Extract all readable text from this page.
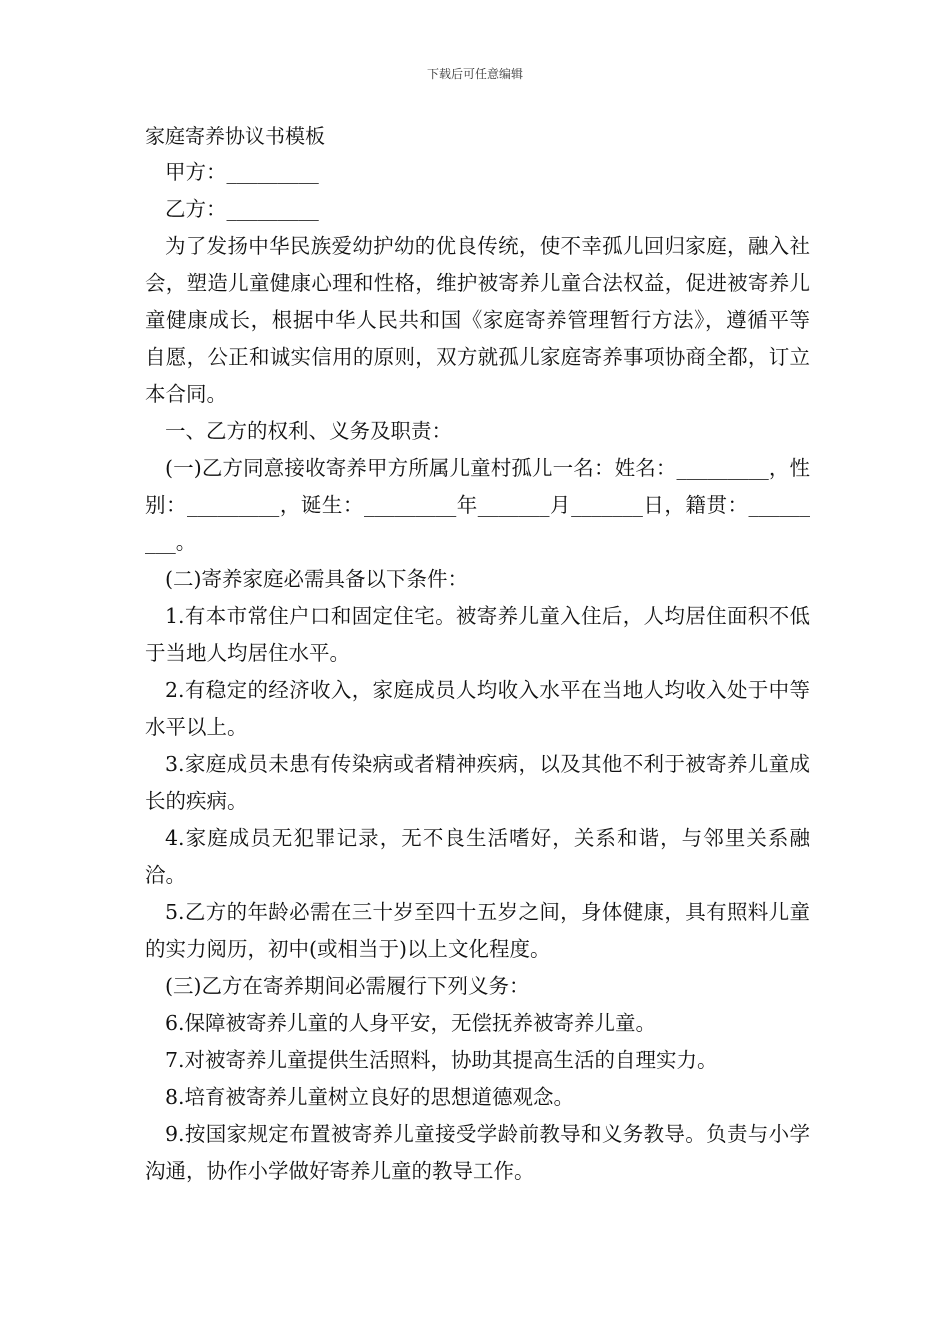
下载后可任意编辑

家庭寄养协议书模板

甲方：_________

乙方：_________

为了发扬中华民族爱幼护幼的优良传统，使不幸孤儿回归家庭，融入社会，塑造儿童健康心理和性格，维护被寄养儿童合法权益，促进被寄养儿童健康成长，根据中华人民共和国《家庭寄养管理暂行方法》，遵循平等自愿，公正和诚实信用的原则，双方就孤儿家庭寄养事项协商全都，订立本合同。

一、乙方的权利、义务及职责：

(一)乙方同意接收寄养甲方所属儿童村孤儿一名：姓名：_________，性别：_________，诞生：_________年_______月_______日，籍贯：_________。

(二)寄养家庭必需具备以下条件：

1.有本市常住户口和固定住宅。被寄养儿童入住后，人均居住面积不低于当地人均居住水平。

2.有稳定的经济收入，家庭成员人均收入水平在当地人均收入处于中等水平以上。

3.家庭成员未患有传染病或者精神疾病，以及其他不利于被寄养儿童成长的疾病。

4.家庭成员无犯罪记录，无不良生活嗜好，关系和谐，与邻里关系融洽。

5.乙方的年龄必需在三十岁至四十五岁之间，身体健康，具有照料儿童的实力阅历，初中(或相当于)以上文化程度。

(三)乙方在寄养期间必需履行下列义务：

6.保障被寄养儿童的人身平安，无偿抚养被寄养儿童。

7.对被寄养儿童提供生活照料，协助其提高生活的自理实力。

8.培育被寄养儿童树立良好的思想道德观念。

9.按国家规定布置被寄养儿童接受学龄前教导和义务教导。负责与小学沟通，协作小学做好寄养儿童的教导工作。
